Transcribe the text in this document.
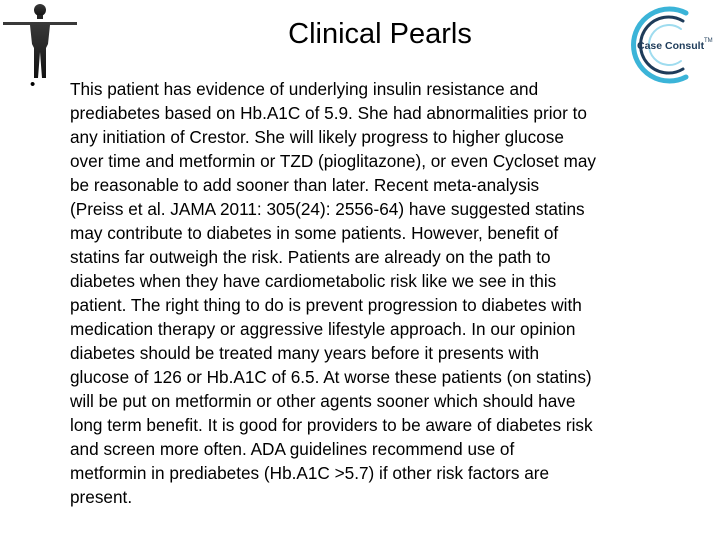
Clinical Pearls	Case Consult TM
• This patient has evidence of underlying insulin resistance and
prediabetes based on Hb.A1C of 5.9. She had abnormalities prior to
any initiation of Crestor. She will likely progress to higher glucose
over time and metformin or TZD (pioglitazone), or even Cycloset may
be reasonable to add sooner than later. Recent meta-analysis
(Preiss et al. JAMA 2011: 305(24): 2556-64) have suggested statins
may contribute to diabetes in some patients. However, benefit of
statins far outweigh the risk. Patients are already on the path to
diabetes when they have cardiometabolic risk like we see in this
patient. The right thing to do is prevent progression to diabetes with
medication therapy or aggressive lifestyle approach. In our opinion
diabetes should be treated many years before it presents with
glucose of 126 or Hb.A1C of 6.5. At worse these patients (on statins)
will be put on metformin or other agents sooner which should have
long term benefit. It is good for providers to be aware of diabetes risk
and screen more often. ADA guidelines recommend use of
metformin in prediabetes (Hb.A1C >5.7) if other risk factors are
present.
